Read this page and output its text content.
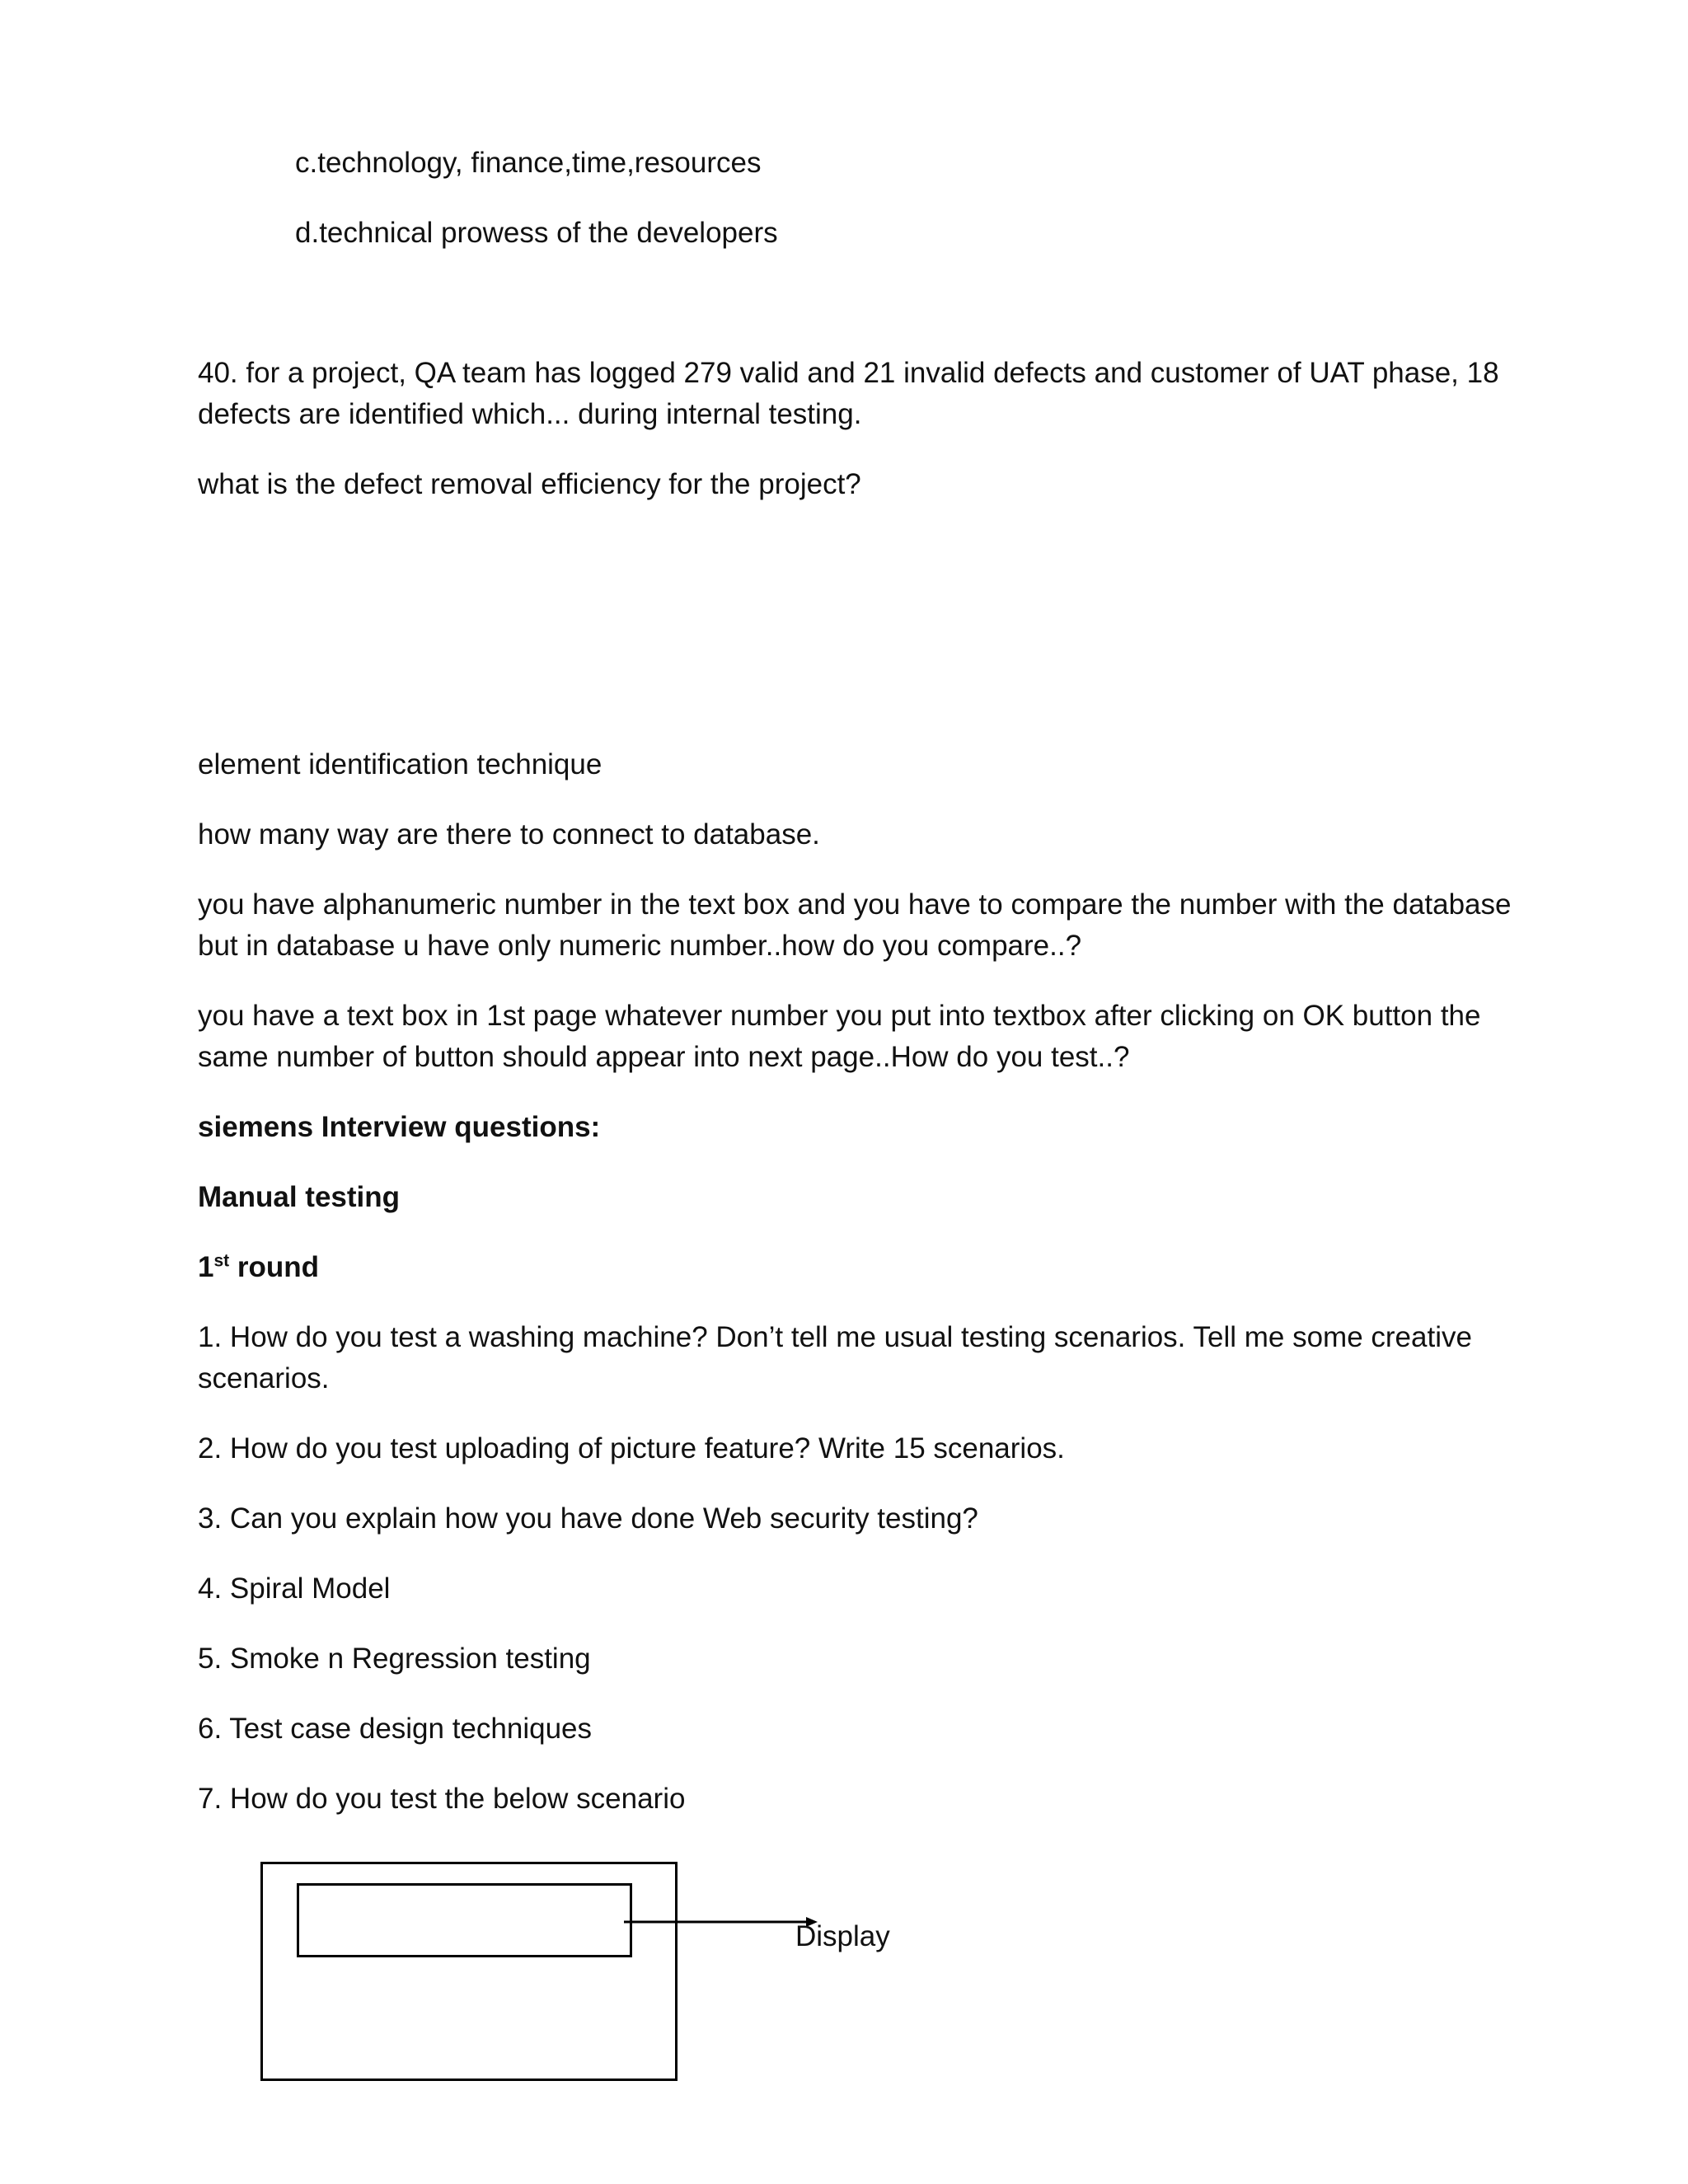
c.technology, finance,time,resources
d.technical prowess of the developers
40. for a project, QA team has logged 279 valid and 21 invalid defects and customer of UAT phase, 18
defects are identified which... during internal testing.
what is the defect removal efficiency for the project?
element identification technique
how many way are there to connect to database.
you have alphanumeric number in the text box and you have to compare the number with the database
but in database u have only numeric number..how do you compare..?
you have a text box in 1st page whatever number you put into textbox after clicking on OK button the
same number of button should appear into next page..How do you test..?
siemens Interview questions:
Manual testing
1st round
1. How do you test a washing machine? Don’t tell me usual testing scenarios. Tell me some creative
scenarios.
2. How do you test uploading of picture feature? Write 15 scenarios.
3. Can you explain how you have done Web security testing?
4. Spiral Model
5. Smoke n Regression testing
6. Test case design techniques
7. How do you test the below scenario
Display
